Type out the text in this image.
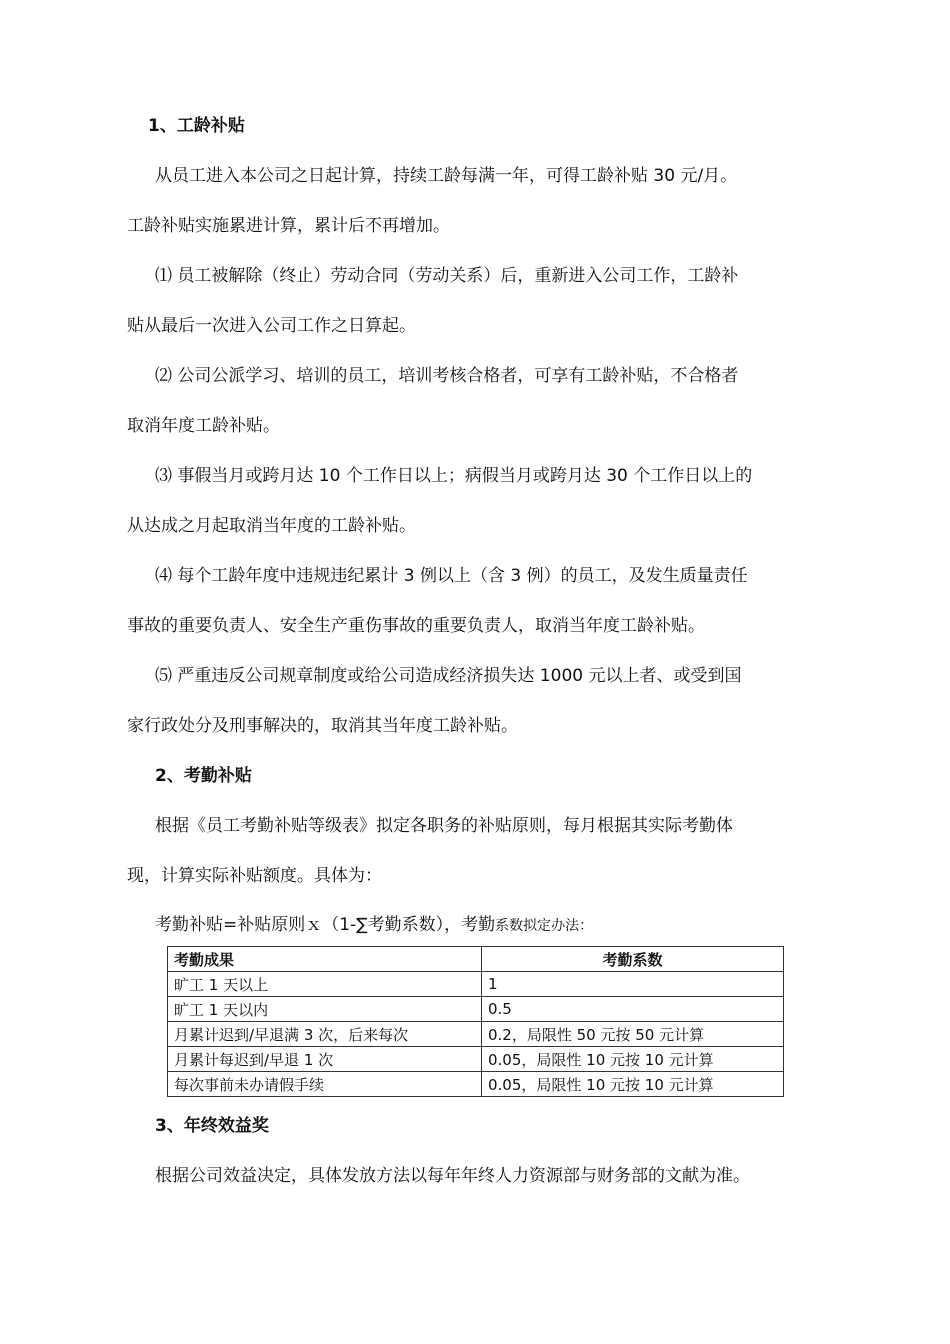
1、工龄补贴
从员工进入本公司之日起计算，持续工龄每满一年，可得工龄补贴 30 元/月。
工龄补贴实施累进计算，累计后不再增加。
⑴ 员工被解除（终止）劳动合同（劳动关系）后，重新进入公司工作，工龄补
贴从最后一次进入公司工作之日算起。
⑵ 公司公派学习、培训的员工，培训考核合格者，可享有工龄补贴，不合格者
取消年度工龄补贴。
⑶ 事假当月或跨月达 10 个工作日以上；病假当月或跨月达 30 个工作日以上的
从达成之月起取消当年度的工龄补贴。
⑷ 每个工龄年度中违规违纪累计 3 例以上（含 3 例）的员工，及发生质量责任
事故的重要负责人、安全生产重伤事故的重要负责人，取消当年度工龄补贴。
⑸ 严重违反公司规章制度或给公司造成经济损失达 1000 元以上者、或受到国
家行政处分及刑事解决的，取消其当年度工龄补贴。
2、考勤补贴
根据《员工考勤补贴等级表》拟定各职务的补贴原则，每月根据其实际考勤体
现，计算实际补贴额度。具体为：
考勤补贴=补贴原则ｘ（1-∑考勤系数），考勤系数拟定办法：
考勤成果	考勤系数
旷工 1 天以上	1
旷工 1 天以内	0.5
月累计迟到/早退满 3 次，后来每次	0.2，局限性 50 元按 50 元计算
月累计每迟到/早退 1 次	0.05，局限性 10 元按 10 元计算
每次事前未办请假手续	0.05，局限性 10 元按 10 元计算
3、年终效益奖
根据公司效益决定，具体发放方法以每年年终人力资源部与财务部的文献为准。
